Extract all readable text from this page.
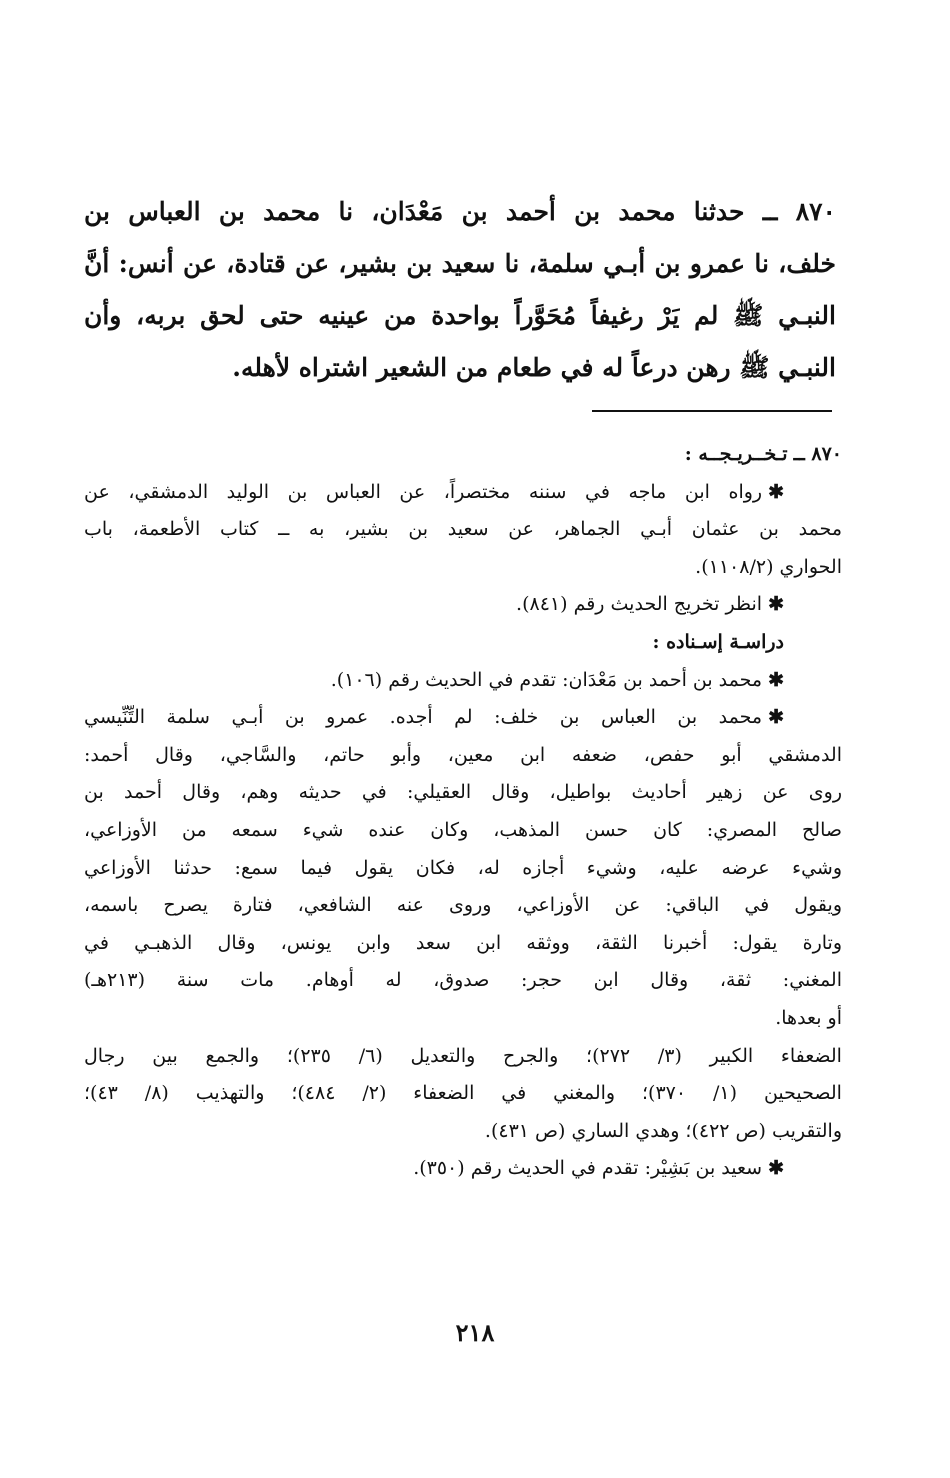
٨٧٠ ــ حدثنا محمد بن أحمد بن مَعْدَان، نا محمد بن العباس بن
خلف، نا عمرو بن أبـي سلمة، نا سعيد بن بشير، عن قتادة، عن أنس: أنَّ
النبـي ﷺ لم يَرْ رغيفاً مُحَوَّراً بواحدة من عينيه حتى لحق بربه، وأن
النبـي ﷺ رهن درعاً له في طعام من الشعير اشتراه لأهله.
٨٧٠ ــ تـخــريـجــه :
✱رواه ابن ماجه في سننه مختصراً، عن العباس بن الوليد الدمشقي، عن
محمد بن عثمان أبـي الجماهر، عن سعيد بن بشير، به ــ كتاب الأطعمة، باب
الحواري (١١٠٨/٢).
✱انظر تخريج الحديث رقم (٨٤١).
دراسـة إسـناده :
✱محمد بن أحمد بن مَعْدَان: تقدم في الحديث رقم (١٠٦).
✱محمد بن العباس بن خلف: لم أجده. عمرو بن أبـي سلمة التِّنِّيسي
الدمشقي أبو حفص، ضعفه ابن معين، وأبو حاتم، والسَّاجي، وقال أحمد:
روى عن زهير أحاديث بواطيل، وقال العقيلي: في حديثه وهم، وقال أحمد بن
صالح المصري: كان حسن المذهب، وكان عنده شيء سمعه من الأوزاعي،
وشيء عرضه عليه، وشيء أجازه له، فكان يقول فيما سمع: حدثنا الأوزاعي
ويقول في الباقي: عن الأوزاعي، وروى عنه الشافعي، فتارة يصرح باسمه،
وتارة يقول: أخبرنا الثقة، ووثقه ابن سعد وابن يونس، وقال الذهبـي في
المغني: ثقة، وقال ابن حجر: صدوق، له أوهام. مات سنة (٢١٣هـ)
أو بعدها.
الضعفاء الكبير (٣/ ٢٧٢)؛ والجرح والتعديل (٦/ ٢٣٥)؛ والجمع بين رجال
الصحيحين (١/ ٣٧٠)؛ والمغني في الضعفاء (٢/ ٤٨٤)؛ والتهذيب (٨/ ٤٣)؛
والتقريب (ص ٤٢٢)؛ وهدي الساري (ص ٤٣١).
✱سعيد بن بَشِيْر: تقدم في الحديث رقم (٣٥٠).
٢١٨
